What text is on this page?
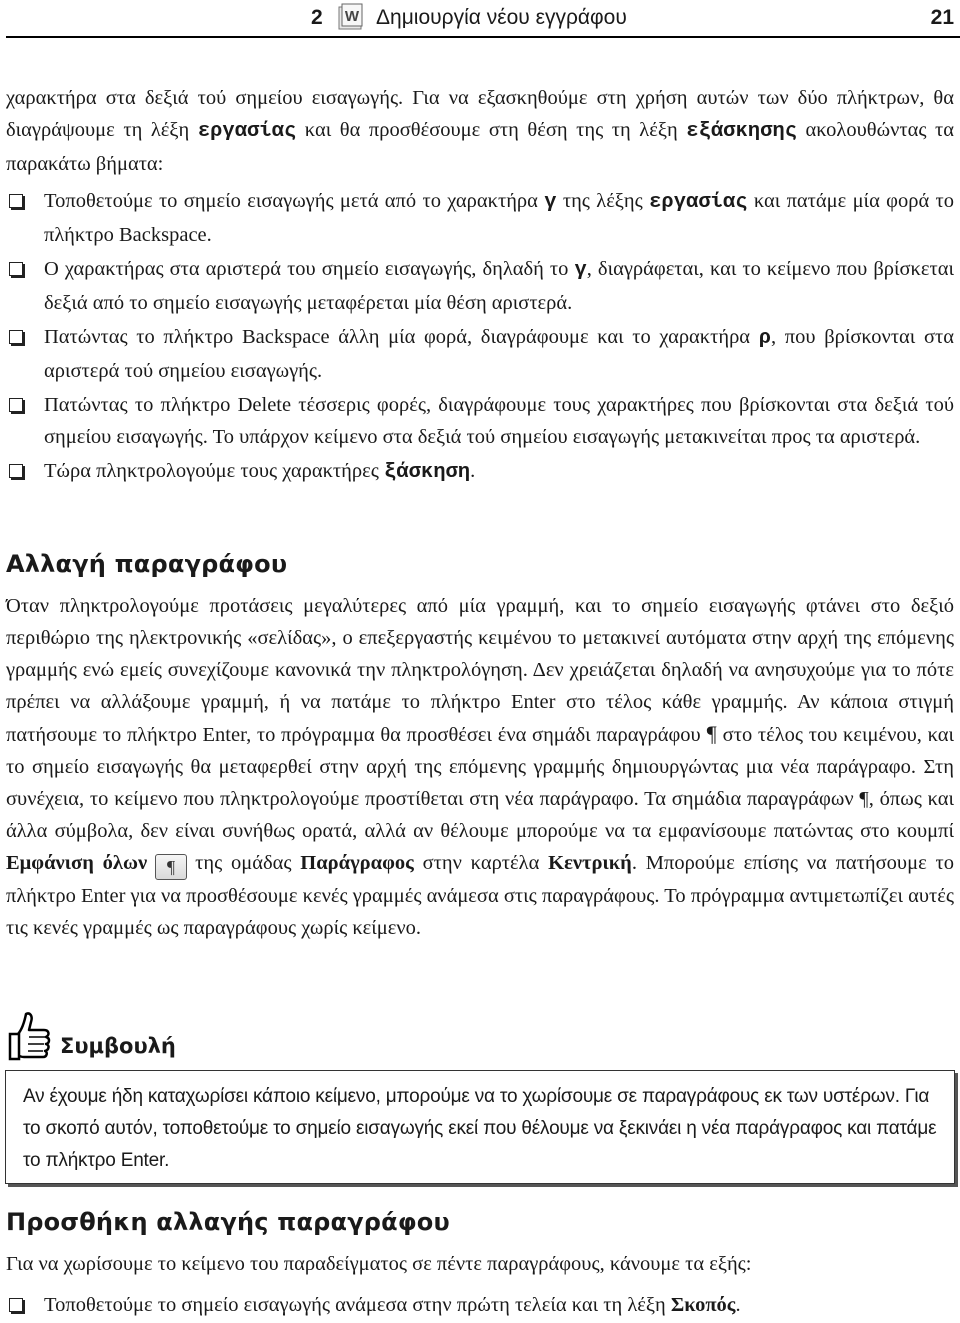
2 W Δημιουργία νέου εγγράφου	21

χαρακτήρα στα δεξιά τού σημείου εισαγωγής. Για να εξασκηθούμε στη χρήση αυτών των δύο πλήκτρων, θα διαγράψουμε τη λέξη εργασίας και θα προσθέσουμε στη θέση της τη λέξη εξάσκησης ακολουθώντας τα παρακάτω βήματα:

Τοποθετούμε το σημείο εισαγωγής μετά από το χαρακτήρα γ της λέξης εργασίας και πατάμε μία φορά το πλήκτρο Backspace.
Ο χαρακτήρας στα αριστερά του σημείο εισαγωγής, δηλαδή το γ, διαγράφεται, και το κείμενο που βρίσκεται δεξιά από το σημείο εισαγωγής μεταφέρεται μία θέση αριστερά.
Πατώντας το πλήκτρο Backspace άλλη μία φορά, διαγράφουμε και το χαρακτήρα ρ, που βρίσκονται στα αριστερά τού σημείου εισαγωγής.
Πατώντας το πλήκτρο Delete τέσσερις φορές, διαγράφουμε τους χαρακτήρες που βρίσκονται στα δεξιά τού σημείου εισαγωγής. Το υπάρχον κείμενο στα δεξιά τού σημείου εισαγωγής μετακινείται προς τα αριστερά.
Τώρα πληκτρολογούμε τους χαρακτήρες ξάσκηση.
Αλλαγή παραγράφου

Όταν πληκτρολογούμε προτάσεις μεγαλύτερες από μία γραμμή, και το σημείο εισαγωγής φτάνει στο δεξιό περιθώριο της ηλεκτρονικής «σελίδας», ο επεξεργαστής κειμένου το μετακινεί αυτόματα στην αρχή της επόμενης γραμμής ενώ εμείς συνεχίζουμε κανονικά την πληκτρολόγηση. Δεν χρειάζεται δηλαδή να ανησυχούμε για το πότε πρέπει να αλλάξουμε γραμμή, ή να πατάμε το πλήκτρο Enter στο τέλος κάθε γραμμής. Αν κάποια στιγμή πατήσουμε το πλήκτρο Enter, το πρόγραμμα θα προσθέσει ένα σημάδι παραγράφου ¶ στο τέλος του κειμένου, και το σημείο εισαγωγής θα μεταφερθεί στην αρχή της επόμενης γραμμής δημιουργώντας μια νέα παράγραφο. Στη συνέχεια, το κείμενο που πληκτρολογούμε προστίθεται στη νέα παράγραφο. Τα σημάδια παραγράφων ¶, όπως και άλλα σύμβολα, δεν είναι συνήθως ορατά, αλλά αν θέλουμε μπορούμε να τα εμφανίσουμε πατώντας στο κουμπί Εμφάνιση όλων ¶ της ομάδας Παράγραφος στην καρτέλα Κεντρική. Μπορούμε επίσης να πατήσουμε το πλήκτρο Enter για να προσθέσουμε κενές γραμμές ανάμεσα στις παραγράφους. Το πρόγραμμα αντιμετωπίζει αυτές τις κενές γραμμές ως παραγράφους χωρίς κείμενο.

Συμβουλή
Αν έχουμε ήδη καταχωρίσει κάποιο κείμενο, μπορούμε να το χωρίσουμε σε παραγράφους εκ των υστέρων. Για το σκοπό αυτόν, τοποθετούμε το σημείο εισαγωγής εκεί που θέλουμε να ξεκινάει η νέα παράγραφος και πατάμε το πλήκτρο Enter.
Προσθήκη αλλαγής παραγράφου

Για να χωρίσουμε το κείμενο του παραδείγματος σε πέντε παραγράφους, κάνουμε τα εξής:

Τοποθετούμε το σημείο εισαγωγής ανάμεσα στην πρώτη τελεία και τη λέξη Σκοπός.
